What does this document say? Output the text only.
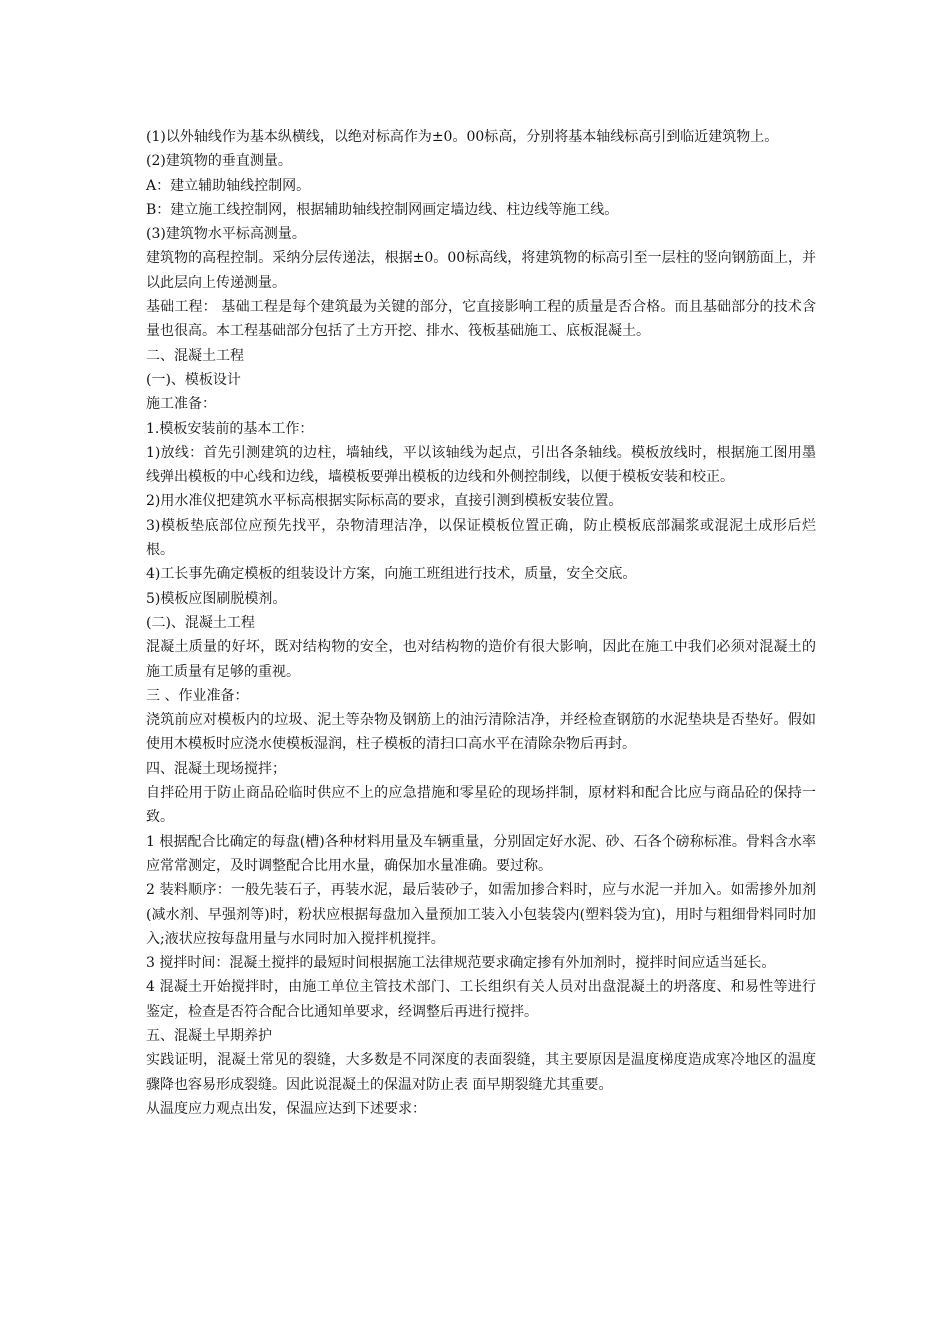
(1)以外轴线作为基本纵横线，以绝对标高作为±0。00标高，分别将基本轴线标高引到临近建筑物上。

(2)建筑物的垂直测量。

A：建立辅助轴线控制网。

B：建立施工线控制网，根据辅助轴线控制网画定墙边线、柱边线等施工线。

(3)建筑物水平标高测量。

建筑物的高程控制。采纳分层传递法，根据±0。00标高线，将建筑物的标高引至一层柱的竖向钢筋面上，并以此层向上传递测量。

基础工程： 基础工程是每个建筑最为关键的部分，它直接影响工程的质量是否合格。而且基础部分的技术含量也很高。本工程基础部分包括了土方开挖、排水、筏板基础施工、底板混凝土。

二、混凝土工程

(一)、模板设计

施工准备：

1.模板安装前的基本工作：

1)放线：首先引测建筑的边柱，墙轴线，平以该轴线为起点，引出各条轴线。模板放线时，根据施工图用墨线弹出模板的中心线和边线，墙模板要弹出模板的边线和外侧控制线，以便于模板安装和校正。

2)用水准仪把建筑水平标高根据实际标高的要求，直接引测到模板安装位置。

3)模板垫底部位应预先找平，杂物清理洁净，以保证模板位置正确，防止模板底部漏浆或混泥土成形后烂根。

4)工长事先确定模板的组装设计方案，向施工班组进行技术，质量，安全交底。

5)模板应图刷脱模剂。

(二)、混凝土工程

混凝土质量的好坏，既对结构物的安全，也对结构物的造价有很大影响，因此在施工中我们必须对混凝土的施工质量有足够的重视。

三 、作业准备：

浇筑前应对模板内的垃圾、泥土等杂物及钢筋上的油污清除洁净，并经检查钢筋的水泥垫块是否垫好。假如使用木模板时应浇水使模板湿润，柱子模板的清扫口高水平在清除杂物后再封。

四、混凝土现场搅拌；

自拌砼用于防止商品砼临时供应不上的应急措施和零星砼的现场拌制，原材料和配合比应与商品砼的保持一致。

1 根据配合比确定的每盘(槽)各种材料用量及车辆重量，分别固定好水泥、砂、石各个磅称标准。骨料含水率应常常测定，及时调整配合比用水量，确保加水量准确。要过称。

2 装料顺序：一般先装石子，再装水泥，最后装砂子，如需加掺合料时，应与水泥一并加入。如需掺外加剂(减水剂、早强剂等)时，粉状应根据每盘加入量预加工装入小包装袋内(塑料袋为宜)，用时与粗细骨料同时加入;液状应按每盘用量与水同时加入搅拌机搅拌。

3 搅拌时间：混凝土搅拌的最短时间根据施工法律规范要求确定掺有外加剂时，搅拌时间应适当延长。

4 混凝土开始搅拌时，由施工单位主管技术部门、工长组织有关人员对出盘混凝土的坍落度、和易性等进行鉴定，检查是否符合配合比通知单要求，经调整后再进行搅拌。

五、混凝土早期养护

实践证明，混凝土常见的裂缝，大多数是不同深度的表面裂缝，其主要原因是温度梯度造成寒冷地区的温度骤降也容易形成裂缝。因此说混凝土的保温对防止表 面早期裂缝尤其重要。

从温度应力观点出发，保温应达到下述要求：
